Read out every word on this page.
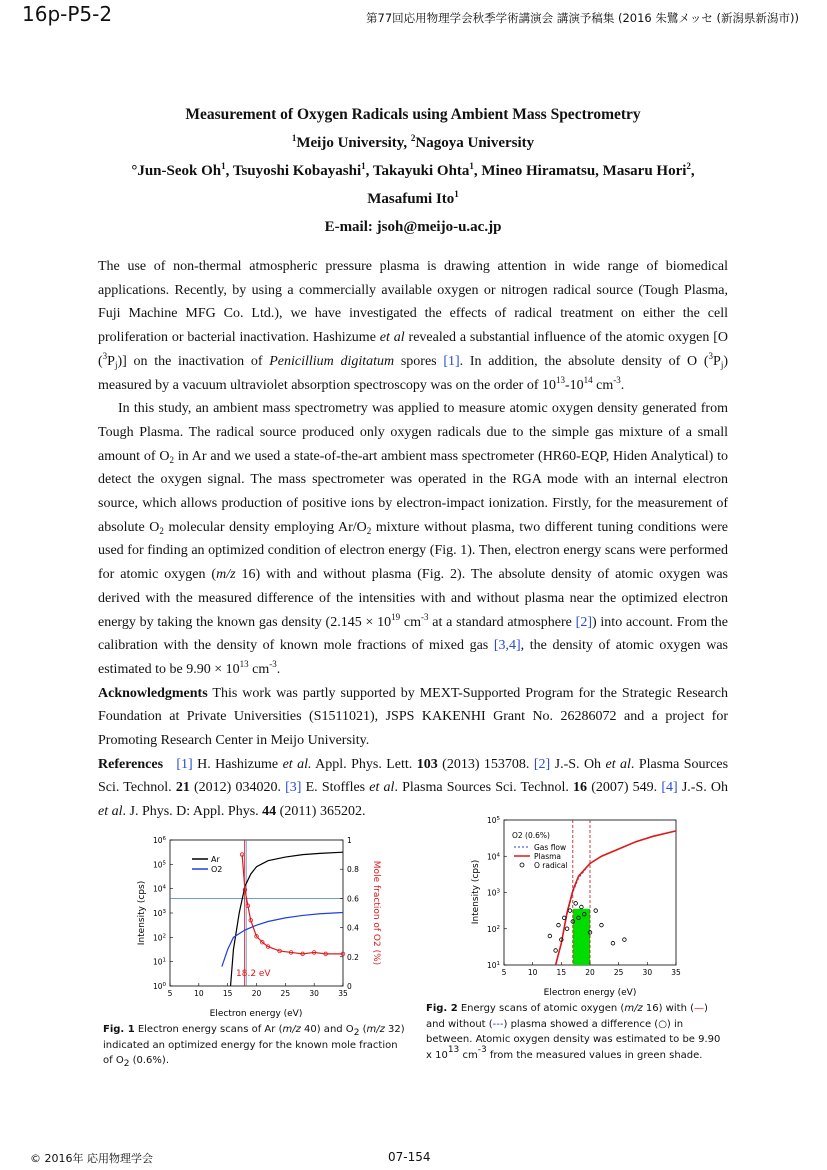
16p-P5-2	第77回応用物理学会秋季学術講演会 講演予稿集 (2016 朱鷺メッセ (新潟県新潟市))
Measurement of Oxygen Radicals using Ambient Mass Spectrometry
$^1$Meijo University, $^2$Nagoya University
°Jun-Seok Oh$^1$, Tsuyoshi Kobayashi$^1$, Takayuki Ohta$^1$, Mineo Hiramatsu, Masaru Hori$^2$,
Masafumi Ito$^1$
E-mail: jsoh@meijo-u.ac.jp

The use of non-thermal atmospheric pressure plasma is drawing attention in wide range of biomedical applications. Recently, by using a commercially available oxygen or nitrogen radical source (Tough Plasma, Fuji Machine MFG Co. Ltd.), we have investigated the effects of radical treatment on either the cell proliferation or bacterial inactivation. Hashizume et al revealed a substantial influence of the atomic oxygen [O $(^3P_j)$] on the inactivation of Penicillium digitatum spores [1]. In addition, the absolute density of O $(^3P_j)$ measured by a vacuum ultraviolet absorption spectroscopy was on the order of $10^{13}-10^{14}$ $cm^{-3}$.

In this study, an ambient mass spectrometry was applied to measure atomic oxygen density generated from Tough Plasma. The radical source produced only oxygen radicals due to the simple gas mixture of a small amount of $O_2$ in Ar and we used a state-of-the-art ambient mass spectrometer (HR60-EQP, Hiden Analytical) to detect the oxygen signal. The mass spectrometer was operated in the RGA mode with an internal electron source, which allows production of positive ions by electron-impact ionization. Firstly, for the measurement of absolute $O_2$ molecular density employing $Ar/O_2$ mixture without plasma, two different tuning conditions were used for finding an optimized condition of electron energy (Fig. 1). Then, electron energy scans were performed for atomic oxygen (m/z 16) with and without plasma (Fig. 2). The absolute density of atomic oxygen was derived with the measured difference of the intensities with and without plasma near the optimized electron energy by taking the known gas density ($2.145 \times 10^{19}$ $cm^{-3}$ at a standard atmosphere [2]) into account. From the calibration with the density of known mole fractions of mixed gas [3,4], the density of atomic oxygen was estimated to be $9.90 \times 10^{13}$ $cm^{-3}$.

Acknowledgments This work was partly supported by MEXT-Supported Program for the Strategic Research Foundation at Private Universities (S1511021), JSPS KAKENHI Grant No. 26286072 and a project for Promoting Research Center in Meijo University.

References [1] H. Hashizume et al. Appl. Phys. Lett. 103 (2013) 153708. [2] J.-S. Oh et al. Plasma Sources Sci. Technol. 21 (2012) 034020. [3] E. Stoffles et al. Plasma Sources Sci. Technol. 16 (2007) 549. [4] J.-S. Oh et al. J. Phys. D: Appl. Phys. 44 (2011) 365202.

5	10	15	20	25	30	35
$10^0$
$10^1$
$10^2$
$10^3$
$10^4$
$10^5$
$10^6$
0
0.2
0.4
0.6
0.8
1
Electron energy (eV)
Intensity (cps)	Mole fraction of O2 (%)
Ar
O2
18.2 eV	5	10	15	20	25	30	35
$10^1$
$10^2$
$10^3$
$10^4$
$10^5$
Electron energy (eV)
Intensity (cps)
O2 (0.6%)
Gas flow
Plasma
O radical
Fig. 1 Electron energy scans of Ar (m/z 40) and $O_2$ (m/z 32) indicated an optimized energy for the known mole fraction of $O_2$ (0.6%).
Fig. 2 Energy scans of atomic oxygen (m/z 16) with (—) and without (---) plasma showed a difference (○) in between. Atomic oxygen density was estimated to be 9.90 x $10^{13}$ $cm^{-3}$ from the measured values in green shade.
© 2016年 応用物理学会	07-154
